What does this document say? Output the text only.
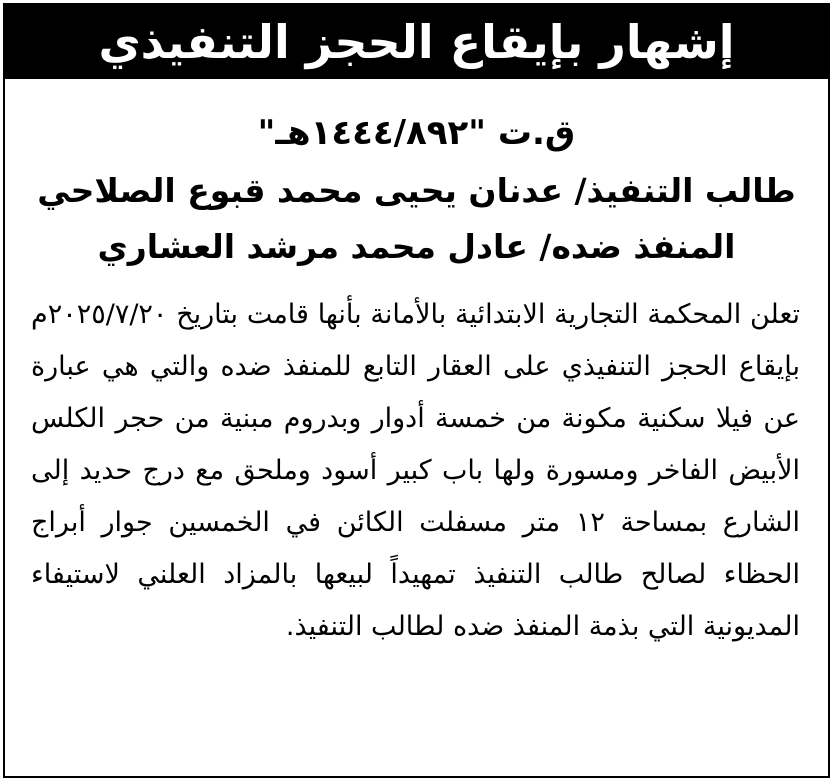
إشهار بإيقاع الحجز التنفيذي
ق.ت "١٤٤٤/٨٩٢هـ"
طالب التنفيذ/ عدنان يحيى محمد قبوع الصلاحي
المنفذ ضده/ عادل محمد مرشد العشاري
تعلن المحكمة التجارية الابتدائية بالأمانة بأنها قامت بتاريخ ٢٠٢٥/٧/٢٠م بإيقاع الحجز التنفيذي على العقار التابع للمنفذ ضده والتي هي عبارة عن فيلا سكنية مكونة من خمسة أدوار وبدروم مبنية من حجر الكلس الأبيض الفاخر ومسورة ولها باب كبير أسود وملحق مع درج حديد إلى الشارع بمساحة ١٢ متر مسفلت الكائن في الخمسين جوار أبراج الحظاء لصالح طالب التنفيذ تمهيداً لبيعها بالمزاد العلني لاستيفاء المديونية التي بذمة المنفذ ضده لطالب التنفيذ.
